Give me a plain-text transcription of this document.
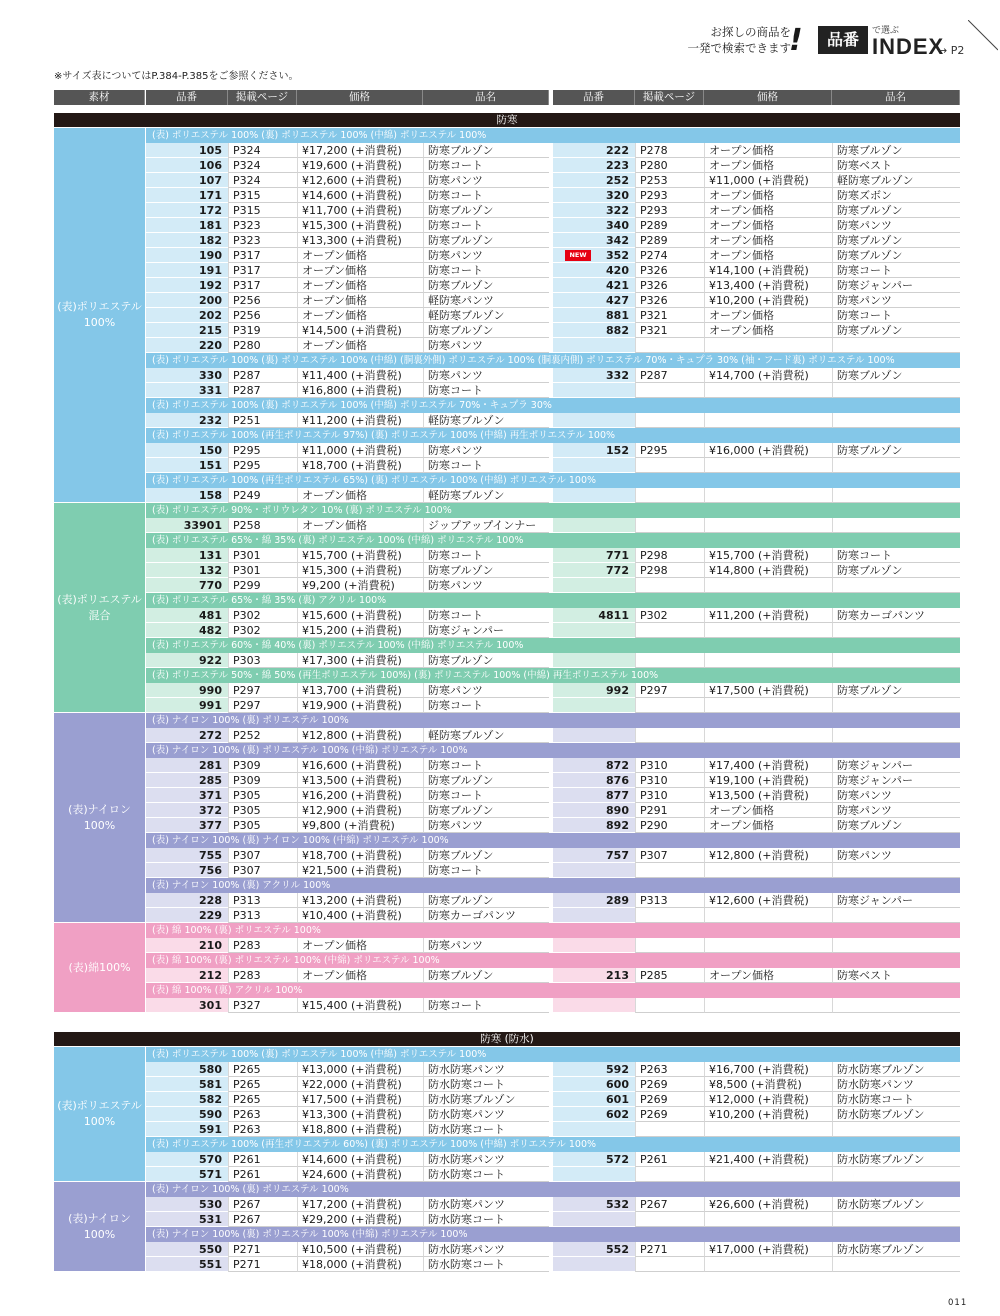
お探しの商品を
一発で検索できます
!	品番	で選ぶ
INDEX
→ P2
※サイズ表についてはP.384-P.385をご参照ください。
素材	品番	掲載ページ	価格	品名	品番	掲載ページ	価格	品名
防寒
(表) ポリエステル 100% (裏) ポリエステル 100% (中綿) ポリエステル 100%
105	P324	¥17,200 (+消費税)	防寒ブルゾン	222	P278	オープン価格	防寒ブルゾン
106	P324	¥19,600 (+消費税)	防寒コート	223	P280	オープン価格	防寒ベスト
107	P324	¥12,600 (+消費税)	防寒パンツ	252	P253	¥11,000 (+消費税)	軽防寒ブルゾン
171	P315	¥14,600 (+消費税)	防寒コート	320	P293	オープン価格	防寒ズボン
172	P315	¥11,700 (+消費税)	防寒ブルゾン	322	P293	オープン価格	防寒ブルゾン
181	P323	¥15,300 (+消費税)	防寒コート	340	P289	オープン価格	防寒パンツ
182	P323	¥13,300 (+消費税)	防寒ブルゾン	342	P289	オープン価格	防寒ブルゾン
190	P317	オープン価格	防寒パンツ	352	P274	オープン価格	防寒ブルゾン
NEW
191	P317	オープン価格	防寒コート	420	P326	¥14,100 (+消費税)	防寒コート
192	P317	オープン価格	防寒ブルゾン	421	P326	¥13,400 (+消費税)	防寒ジャンパー
200	P256	オープン価格	軽防寒パンツ	427	P326	¥10,200 (+消費税)	防寒パンツ
202	P256	オープン価格	軽防寒ブルゾン	881	P321	オープン価格	防寒コート
215	P319	¥14,500 (+消費税)	防寒ブルゾン	882	P321	オープン価格	防寒ブルゾン
220	P280	オープン価格	防寒パンツ
(表) ポリエステル 100% (裏) ポリエステル 100% (中綿) (胴裏外側) ポリエステル 100% (胴裏内側) ポリエステル 70%・キュプラ 30% (袖・フード裏) ポリエステル 100%
330	P287	¥11,400 (+消費税)	防寒パンツ	332	P287	¥14,700 (+消費税)	防寒ブルゾン
331	P287	¥16,800 (+消費税)	防寒コート
(表) ポリエステル 100% (裏) ポリエステル 100% (中綿) ポリエステル 70%・キュプラ 30%
232	P251	¥11,200 (+消費税)	軽防寒ブルゾン
(表) ポリエステル 100% (再生ポリエステル 97%) (裏) ポリエステル 100% (中綿) 再生ポリエステル 100%
150	P295	¥11,000 (+消費税)	防寒パンツ	152	P295	¥16,000 (+消費税)	防寒ブルゾン
151	P295	¥18,700 (+消費税)	防寒コート
(表) ポリエステル 100% (再生ポリエステル 65%) (裏) ポリエステル 100% (中綿) ポリエステル 100%
158	P249	オープン価格	軽防寒ブルゾン
(表)ポリエステル
100%
(表) ポリエステル 90%・ポリウレタン 10% (裏) ポリエステル 100%
33901	P258	オープン価格	ジップアップインナー
(表) ポリエステル 65%・綿 35% (裏) ポリエステル 100% (中綿) ポリエステル 100%
131	P301	¥15,700 (+消費税)	防寒コート	771	P298	¥15,700 (+消費税)	防寒コート
132	P301	¥15,300 (+消費税)	防寒ブルゾン	772	P298	¥14,800 (+消費税)	防寒ブルゾン
770	P299	¥9,200 (+消費税)	防寒パンツ
(表) ポリエステル 65%・綿 35% (裏) アクリル 100%
481	P302	¥15,600 (+消費税)	防寒コート	4811	P302	¥11,200 (+消費税)	防寒カーゴパンツ
482	P302	¥15,200 (+消費税)	防寒ジャンパー
(表) ポリエステル 60%・綿 40% (裏) ポリエステル 100% (中綿) ポリエステル 100%
922	P303	¥17,300 (+消費税)	防寒ブルゾン
(表) ポリエステル 50%・綿 50% (再生ポリエステル 100%) (裏) ポリエステル 100% (中綿) 再生ポリエステル 100%
990	P297	¥13,700 (+消費税)	防寒パンツ	992	P297	¥17,500 (+消費税)	防寒ブルゾン
991	P297	¥19,900 (+消費税)	防寒コート
(表)ポリエステル
混合
(表) ナイロン 100% (裏) ポリエステル 100%
272	P252	¥12,800 (+消費税)	軽防寒ブルゾン
(表) ナイロン 100% (裏) ポリエステル 100% (中綿) ポリエステル 100%
281	P309	¥16,600 (+消費税)	防寒コート	872	P310	¥17,400 (+消費税)	防寒ジャンパー
285	P309	¥13,500 (+消費税)	防寒ブルゾン	876	P310	¥19,100 (+消費税)	防寒ジャンパー
371	P305	¥16,200 (+消費税)	防寒コート	877	P310	¥13,500 (+消費税)	防寒パンツ
372	P305	¥12,900 (+消費税)	防寒ブルゾン	890	P291	オープン価格	防寒パンツ
377	P305	¥9,800 (+消費税)	防寒パンツ	892	P290	オープン価格	防寒ブルゾン
(表) ナイロン 100% (裏) ナイロン 100% (中綿) ポリエステル 100%
755	P307	¥18,700 (+消費税)	防寒ブルゾン	757	P307	¥12,800 (+消費税)	防寒パンツ
756	P307	¥21,500 (+消費税)	防寒コート
(表) ナイロン 100% (裏) アクリル 100%
228	P313	¥13,200 (+消費税)	防寒ブルゾン	289	P313	¥12,600 (+消費税)	防寒ジャンパー
229	P313	¥10,400 (+消費税)	防寒カーゴパンツ
(表)ナイロン
100%
(表) 綿 100% (裏) ポリエステル 100%
210	P283	オープン価格	防寒パンツ
(表) 綿 100% (裏) ポリエステル 100% (中綿) ポリエステル 100%
212	P283	オープン価格	防寒ブルゾン	213	P285	オープン価格	防寒ベスト
(表) 綿 100% (裏) アクリル 100%
301	P327	¥15,400 (+消費税)	防寒コート
(表)綿100%
防寒 (防水)
(表) ポリエステル 100% (裏) ポリエステル 100% (中綿) ポリエステル 100%
580	P265	¥13,000 (+消費税)	防水防寒パンツ	592	P263	¥16,700 (+消費税)	防水防寒ブルゾン
581	P265	¥22,000 (+消費税)	防水防寒コート	600	P269	¥8,500 (+消費税)	防水防寒パンツ
582	P265	¥17,500 (+消費税)	防水防寒ブルゾン	601	P269	¥12,000 (+消費税)	防水防寒コート
590	P263	¥13,300 (+消費税)	防水防寒パンツ	602	P269	¥10,200 (+消費税)	防水防寒ブルゾン
591	P263	¥18,800 (+消費税)	防水防寒コート
(表) ポリエステル 100% (再生ポリエステル 60%) (裏) ポリエステル 100% (中綿) ポリエステル 100%
570	P261	¥14,600 (+消費税)	防水防寒パンツ	572	P261	¥21,400 (+消費税)	防水防寒ブルゾン
571	P261	¥24,600 (+消費税)	防水防寒コート
(表)ポリエステル
100%
(表) ナイロン 100% (裏) ポリエステル 100%
530	P267	¥17,200 (+消費税)	防水防寒パンツ	532	P267	¥26,600 (+消費税)	防水防寒ブルゾン
531	P267	¥29,200 (+消費税)	防水防寒コート
(表) ナイロン 100% (裏) ポリエステル 100% (中綿) ポリエステル 100%
550	P271	¥10,500 (+消費税)	防水防寒パンツ	552	P271	¥17,000 (+消費税)	防水防寒ブルゾン
551	P271	¥18,000 (+消費税)	防水防寒コート
(表)ナイロン
100%
011
